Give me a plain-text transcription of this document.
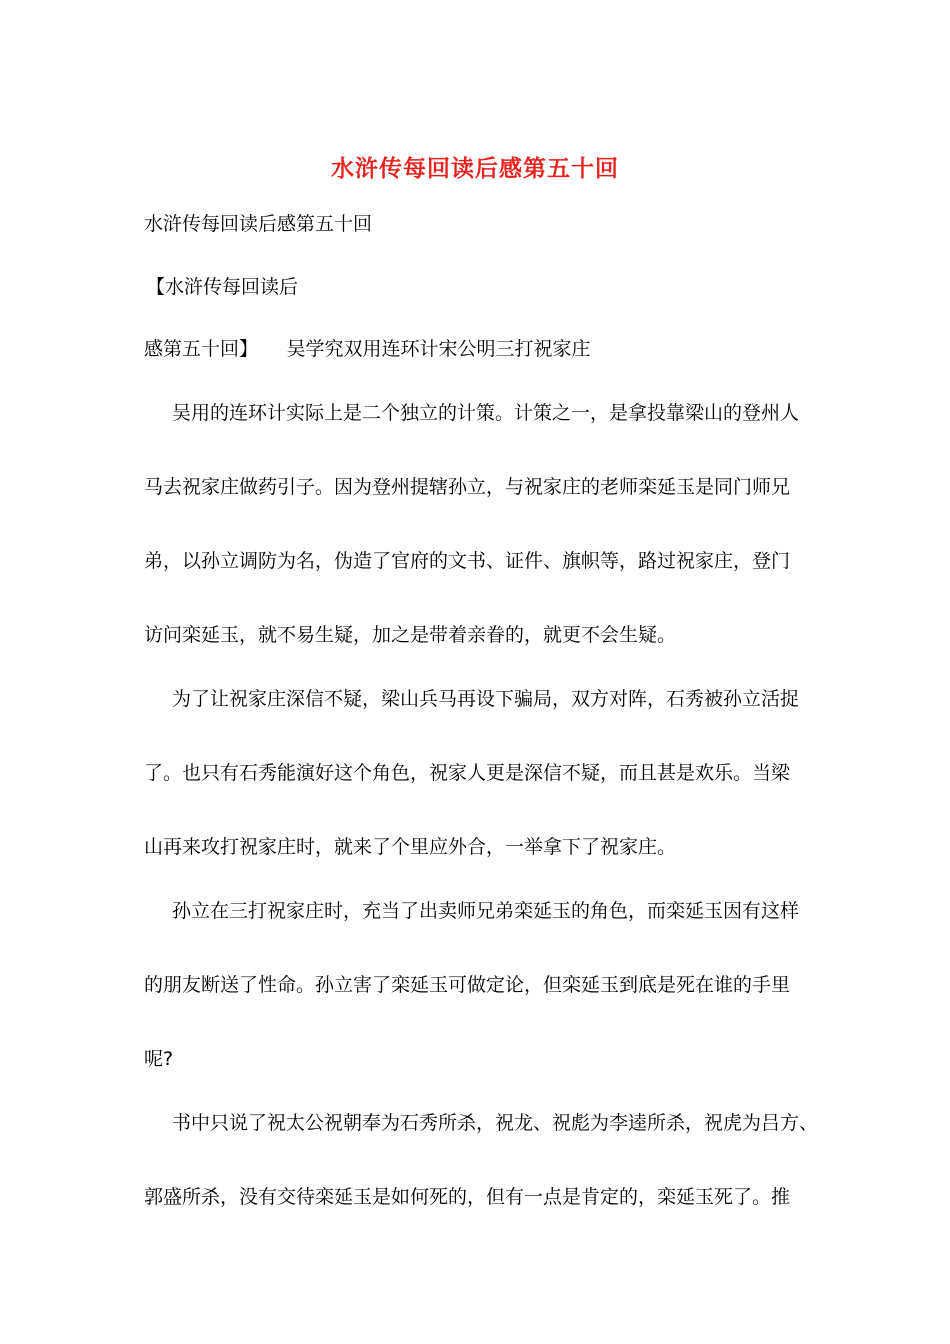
水浒传每回读后感第五十回
水浒传每回读后感第五十回
【水浒传每回读后
感第五十回】　　吴学究双用连环计宋公明三打祝家庄
吴用的连环计实际上是二个独立的计策。计策之一，是拿投靠梁山的登州人
马去祝家庄做药引子。因为登州提辖孙立，与祝家庄的老师栾延玉是同门师兄
弟，以孙立调防为名，伪造了官府的文书、证件、旗帜等，路过祝家庄，登门
访问栾延玉，就不易生疑，加之是带着亲眷的，就更不会生疑。
为了让祝家庄深信不疑，梁山兵马再设下骗局，双方对阵，石秀被孙立活捉
了。也只有石秀能演好这个角色，祝家人更是深信不疑，而且甚是欢乐。当梁
山再来攻打祝家庄时，就来了个里应外合，一举拿下了祝家庄。
孙立在三打祝家庄时，充当了出卖师兄弟栾延玉的角色，而栾延玉因有这样
的朋友断送了性命。孙立害了栾延玉可做定论，但栾延玉到底是死在谁的手里
呢?
书中只说了祝太公祝朝奉为石秀所杀，祝龙、祝彪为李逵所杀，祝虎为吕方、
郭盛所杀，没有交待栾延玉是如何死的，但有一点是肯定的，栾延玉死了。推
